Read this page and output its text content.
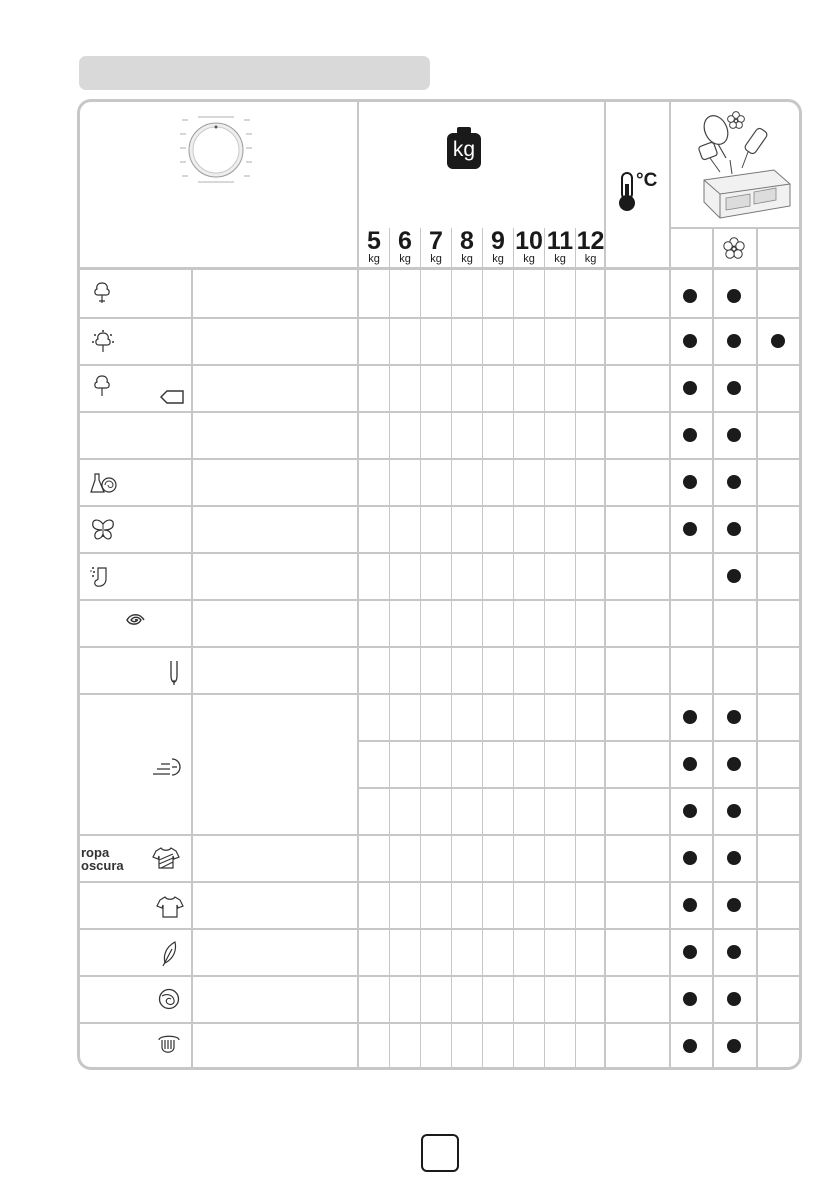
kg
5
kg
6
kg
7
kg
8
kg
9
kg
10
kg
11
kg
12
kg
°C
ropa
oscura
